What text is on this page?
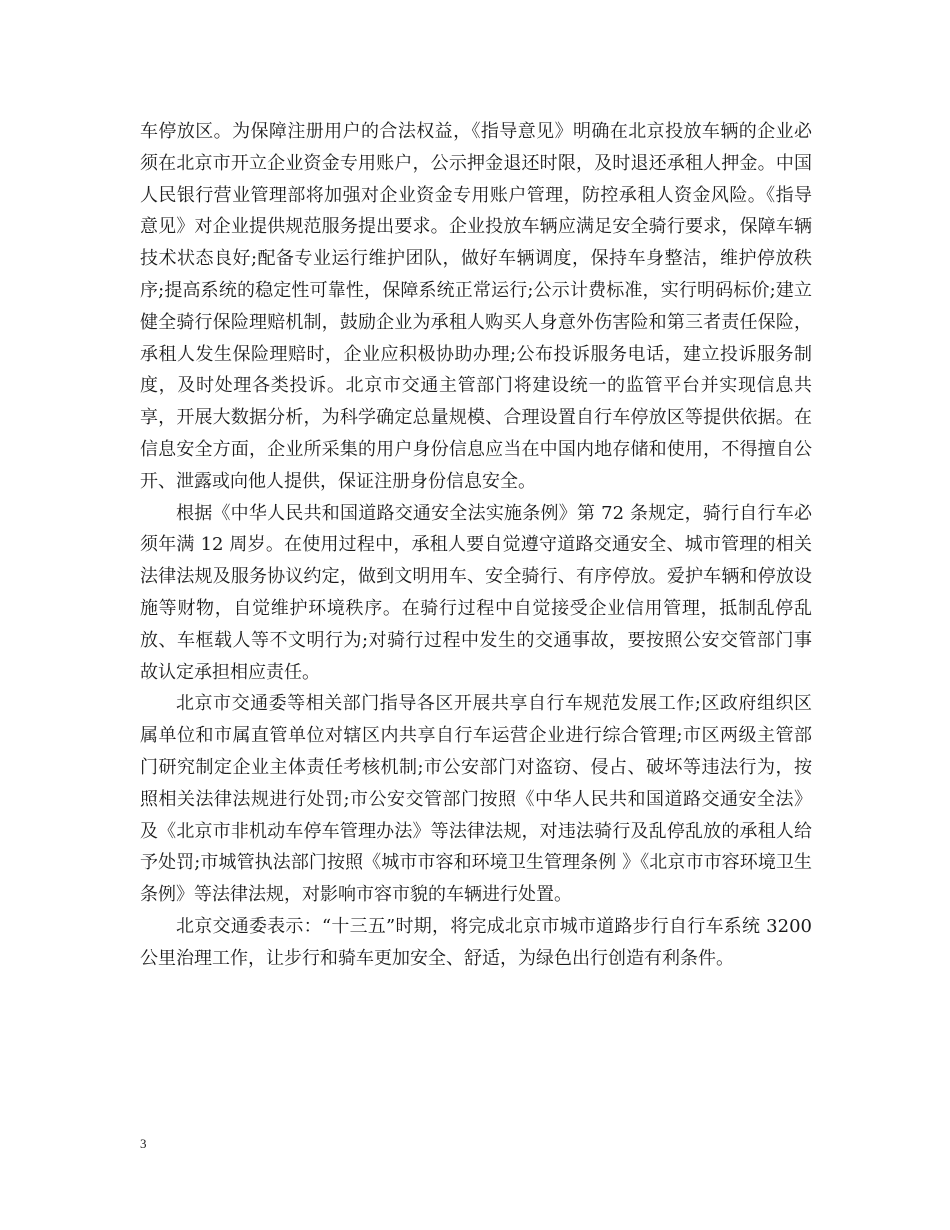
车停放区。为保障注册用户的合法权益，《指导意见》明确在北京投放车辆的企业必须在北京市开立企业资金专用账户，公示押金退还时限，及时退还承租人押金。中国人民银行营业管理部将加强对企业资金专用账户管理，防控承租人资金风险。《指导意见》对企业提供规范服务提出要求。企业投放车辆应满足安全骑行要求，保障车辆技术状态良好;配备专业运行维护团队，做好车辆调度，保持车身整洁，维护停放秩序;提高系统的稳定性可靠性，保障系统正常运行;公示计费标准，实行明码标价;建立健全骑行保险理赔机制，鼓励企业为承租人购买人身意外伤害险和第三者责任保险，承租人发生保险理赔时，企业应积极协助办理;公布投诉服务电话，建立投诉服务制度，及时处理各类投诉。北京市交通主管部门将建设统一的监管平台并实现信息共享，开展大数据分析，为科学确定总量规模、合理设置自行车停放区等提供依据。在信息安全方面，企业所采集的用户身份信息应当在中国内地存储和使用，不得擅自公开、泄露或向他人提供，保证注册身份信息安全。

根据《中华人民共和国道路交通安全法实施条例》第 72 条规定，骑行自行车必须年满 12 周岁。在使用过程中，承租人要自觉遵守道路交通安全、城市管理的相关法律法规及服务协议约定，做到文明用车、安全骑行、有序停放。爱护车辆和停放设施等财物，自觉维护环境秩序。在骑行过程中自觉接受企业信用管理，抵制乱停乱放、车框载人等不文明行为;对骑行过程中发生的交通事故，要按照公安交管部门事故认定承担相应责任。

北京市交通委等相关部门指导各区开展共享自行车规范发展工作;区政府组织区属单位和市属直管单位对辖区内共享自行车运营企业进行综合管理;市区两级主管部门研究制定企业主体责任考核机制;市公安部门对盗窃、侵占、破坏等违法行为，按照相关法律法规进行处罚;市公安交管部门按照《中华人民共和国道路交通安全法》及《北京市非机动车停车管理办法》等法律法规，对违法骑行及乱停乱放的承租人给予处罚;市城管执法部门按照《城市市容和环境卫生管理条例 》《北京市市容环境卫生条例》等法律法规，对影响市容市貌的车辆进行处置。

北京交通委表示：“十三五”时期，将完成北京市城市道路步行自行车系统 3200 公里治理工作，让步行和骑车更加安全、舒适，为绿色出行创造有利条件。

3
